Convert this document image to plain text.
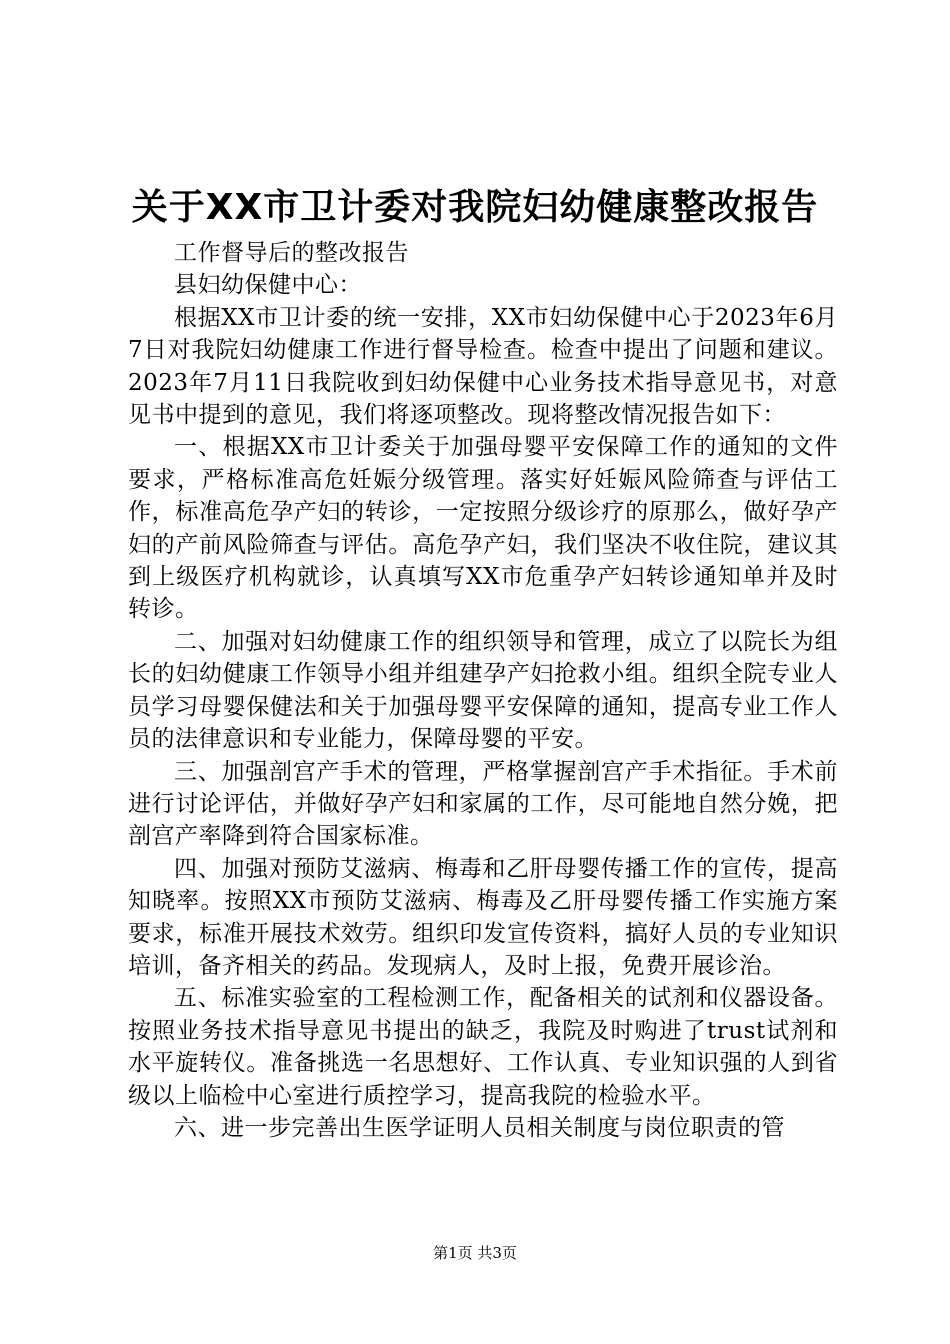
关于XX市卫计委对我院妇幼健康整改报告

工作督导后的整改报告

县妇幼保健中心：

根据XX市卫计委的统一安排，XX市妇幼保健中心于2023年6月7日对我院妇幼健康工作进行督导检查。检查中提出了问题和建议。2023年7月11日我院收到妇幼保健中心业务技术指导意见书，对意见书中提到的意见，我们将逐项整改。现将整改情况报告如下：

一、根据XX市卫计委关于加强母婴平安保障工作的通知的文件要求，严格标准高危妊娠分级管理。落实好妊娠风险筛查与评估工作，标准高危孕产妇的转诊，一定按照分级诊疗的原那么，做好孕产妇的产前风险筛查与评估。高危孕产妇，我们坚决不收住院，建议其到上级医疗机构就诊，认真填写XX市危重孕产妇转诊通知单并及时转诊。

二、加强对妇幼健康工作的组织领导和管理，成立了以院长为组长的妇幼健康工作领导小组并组建孕产妇抢救小组。组织全院专业人员学习母婴保健法和关于加强母婴平安保障的通知，提高专业工作人员的法律意识和专业能力，保障母婴的平安。

三、加强剖宫产手术的管理，严格掌握剖宫产手术指征。手术前进行讨论评估，并做好孕产妇和家属的工作，尽可能地自然分娩，把剖宫产率降到符合国家标准。

四、加强对预防艾滋病、梅毒和乙肝母婴传播工作的宣传，提高知晓率。按照XX市预防艾滋病、梅毒及乙肝母婴传播工作实施方案要求，标准开展技术效劳。组织印发宣传资料，搞好人员的专业知识培训，备齐相关的药品。发现病人，及时上报，免费开展诊治。

五、标准实验室的工程检测工作，配备相关的试剂和仪器设备。按照业务技术指导意见书提出的缺乏，我院及时购进了trust试剂和水平旋转仪。准备挑选一名思想好、工作认真、专业知识强的人到省级以上临检中心室进行质控学习，提高我院的检验水平。

六、进一步完善出生医学证明人员相关制度与岗位职责的管

第1页 共3页
